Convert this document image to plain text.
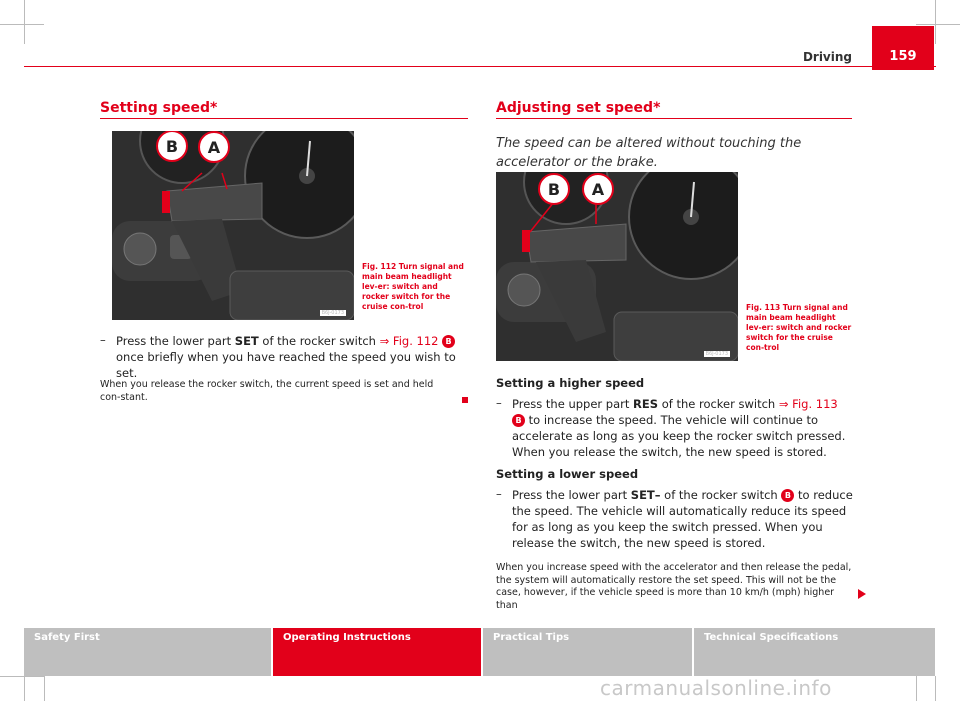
Driving	159
Setting speed*
B A
B6J-0173
Fig. 112 Turn signal and main beam headlight lev-er: switch and rocker switch for the cruise con-trol
– Press the lower part SET of the rocker switch ⇒ Fig. 112 B once briefly when you have reached the speed you wish to set.
When you release the rocker switch, the current speed is set and held con-stant.
Adjusting set speed*
The speed can be altered without touching the accelerator or the brake.
B A
B6J-0173
Fig. 113 Turn signal and main beam headlight lev-er: switch and rocker switch for the cruise con-trol
Setting a higher speed
– Press the upper part RES of the rocker switch ⇒ Fig. 113 B to increase the speed. The vehicle will continue to accelerate as long as you keep the rocker switch pressed. When you release the switch, the new speed is stored.
Setting a lower speed
– Press the lower part SET– of the rocker switch B to reduce the speed. The vehicle will automatically reduce its speed for as long as you keep the switch pressed. When you release the switch, the new speed is stored.
When you increase speed with the accelerator and then release the pedal, the system will automatically restore the set speed. This will not be the case, however, if the vehicle speed is more than 10 km/h (mph) higher than
Safety First	Operating Instructions	Practical Tips	Technical Specifications
carmanualsonline.info
